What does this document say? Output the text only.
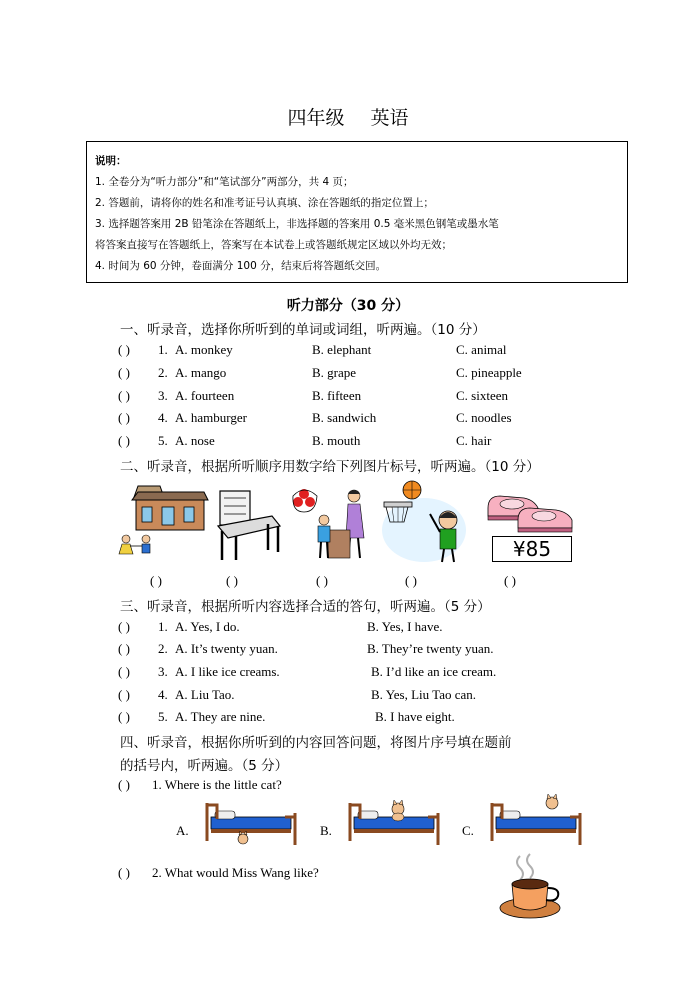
四年级 英语
说明：
1. 全卷分为“听力部分”和“笔试部分”两部分，共 4 页；
2. 答题前，请将你的姓名和准考证号认真填、涂在答题纸的指定位置上；
3. 选择题答案用 2B 铅笔涂在答题纸上，非选择题的答案用 0.5 毫米黑色钢笔或墨水笔
将答案直接写在答题纸上，答案写在本试卷上或答题纸规定区域以外均无效；
4. 时间为 60 分钟，卷面满分 100 分，结束后将答题纸交回。
听力部分（30 分）
一、听录音，选择你所听到的单词或词组，听两遍。（10 分）
( ) 1. A. monkey	B. elephant	C. animal
( ) 2. A. mango	B. grape	C. pineapple
( ) 3. A. fourteen	B. fifteen	C. sixteen
( ) 4. A. hamburger	B. sandwich	C. noodles
( ) 5. A. nose	B. mouth	C. hair
二、听录音，根据所听顺序用数字给下列图片标号，听两遍。（10 分）
¥85
( )	( )	( )	( )	( )
三、听录音，根据所听内容选择合适的答句，听两遍。（5 分）
( ) 1. A. Yes, I do.	B. Yes, I have.
( ) 2. A. It’s twenty yuan.	B. They’re twenty yuan.
( ) 3. A. I like ice creams.	B. I’d like an ice cream.
( ) 4. A. Liu Tao.	B. Yes, Liu Tao can.
( ) 5. A. They are nine.	B. I have eight.
四、听录音，根据你所听到的内容回答问题，将图片序号填在题前
的括号内，听两遍。（5 分）
( ) 1. Where is the little cat?
A.	B.	C.
( ) 2. What would Miss Wang like?
